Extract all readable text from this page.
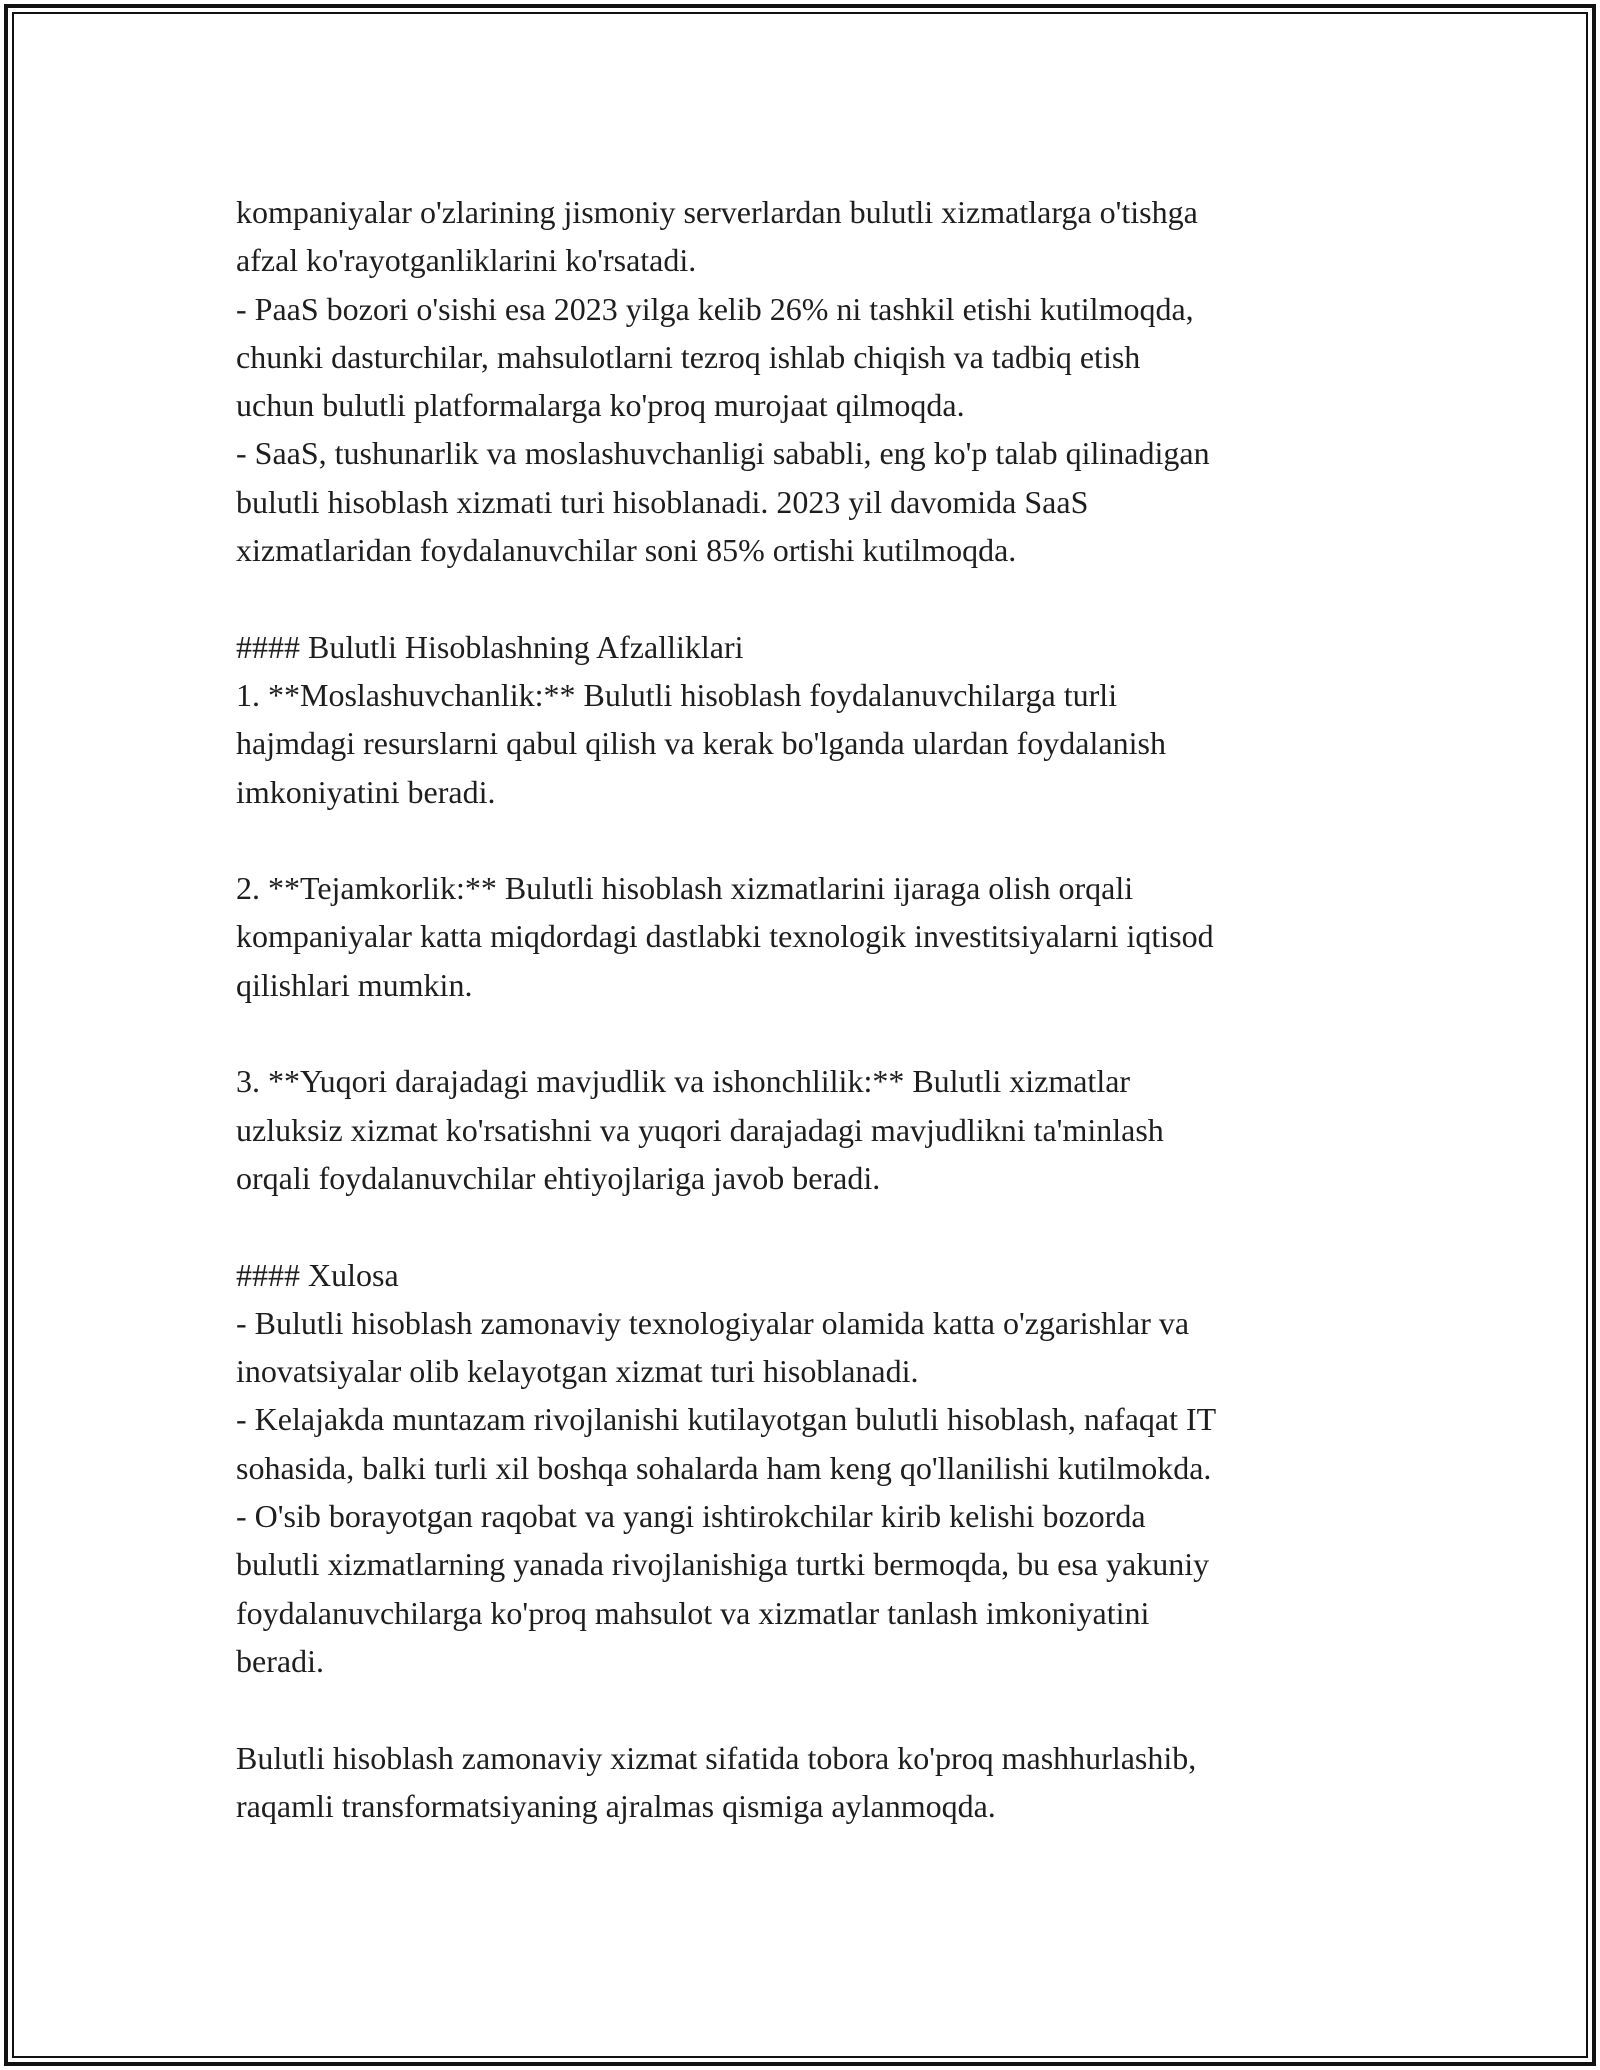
kompaniyalar o'zlarining jismoniy serverlardan bulutli xizmatlarga o'tishga
afzal ko'rayotganliklarini ko'rsatadi.
- PaaS bozori o'sishi esa 2023 yilga kelib 26% ni tashkil etishi kutilmoqda,
chunki dasturchilar, mahsulotlarni tezroq ishlab chiqish va tadbiq etish
uchun bulutli platformalarga ko'proq murojaat qilmoqda.
- SaaS, tushunarlik va moslashuvchanligi sababli, eng ko'p talab qilinadigan
bulutli hisoblash xizmati turi hisoblanadi. 2023 yil davomida SaaS
xizmatlaridan foydalanuvchilar soni 85% ortishi kutilmoqda.
#### Bulutli Hisoblashning Afzalliklari
1. **Moslashuvchanlik:** Bulutli hisoblash foydalanuvchilarga turli
hajmdagi resurslarni qabul qilish va kerak bo'lganda ulardan foydalanish
imkoniyatini beradi.
2. **Tejamkorlik:** Bulutli hisoblash xizmatlarini ijaraga olish orqali
kompaniyalar katta miqdordagi dastlabki texnologik investitsiyalarni iqtisod
qilishlari mumkin.
3. **Yuqori darajadagi mavjudlik va ishonchlilik:** Bulutli xizmatlar
uzluksiz xizmat ko'rsatishni va yuqori darajadagi mavjudlikni ta'minlash
orqali foydalanuvchilar ehtiyojlariga javob beradi.
#### Xulosa
- Bulutli hisoblash zamonaviy texnologiyalar olamida katta o'zgarishlar va
inovatsiyalar olib kelayotgan xizmat turi hisoblanadi.
- Kelajakda muntazam rivojlanishi kutilayotgan bulutli hisoblash, nafaqat IT
sohasida, balki turli xil boshqa sohalarda ham keng qo'llanilishi kutilmokda.
- O'sib borayotgan raqobat va yangi ishtirokchilar kirib kelishi bozorda
bulutli xizmatlarning yanada rivojlanishiga turtki bermoqda, bu esa yakuniy
foydalanuvchilarga ko'proq mahsulot va xizmatlar tanlash imkoniyatini
beradi.
Bulutli hisoblash zamonaviy xizmat sifatida tobora ko'proq mashhurlashib,
raqamli transformatsiyaning ajralmas qismiga aylanmoqda.
